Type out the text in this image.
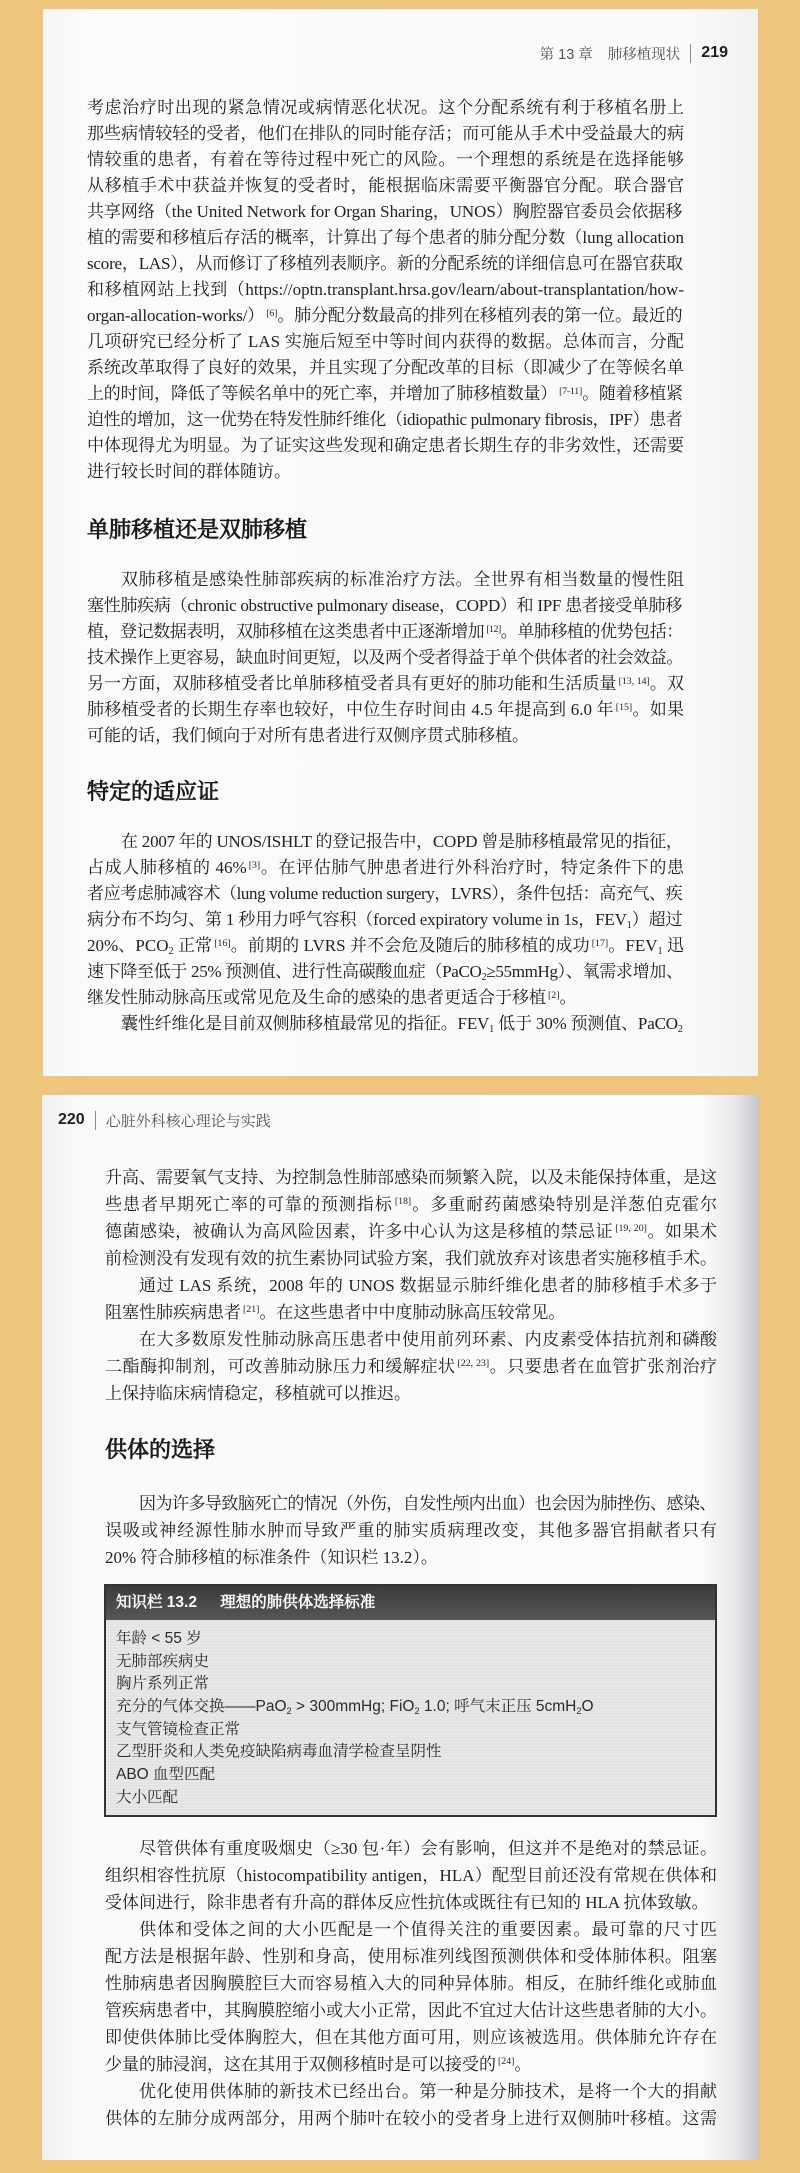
第 13 章 肺移植现状 219
考虑治疗时出现的紧急情况或病情恶化状况。这个分配系统有利于移植名册上
那些病情较轻的受者，他们在排队的同时能存活；而可能从手术中受益最大的病
情较重的患者，有着在等待过程中死亡的风险。一个理想的系统是在选择能够
从移植手术中获益并恢复的受者时，能根据临床需要平衡器官分配。联合器官
共享网络（the United Network for Organ Sharing，UNOS）胸腔器官委员会依据移
植的需要和移植后存活的概率，计算出了每个患者的肺分配分数（lung allocation
score，LAS），从而修订了移植列表顺序。新的分配系统的详细信息可在器官获取
和移植网站上找到（https://optn.transplant.hrsa.gov/learn/about-transplantation/how-
organ-allocation-works/） [6]。肺分配分数最高的排列在移植列表的第一位。最近的
几项研究已经分析了 LAS 实施后短至中等时间内获得的数据。总体而言，分配
系统改革取得了良好的效果，并且实现了分配改革的目标（即减少了在等候名单
上的时间，降低了等候名单中的死亡率，并增加了肺移植数量） [7-11]。随着移植紧
迫性的增加，这一优势在特发性肺纤维化（idiopathic pulmonary fibrosis，IPF）患者
中体现得尤为明显。为了证实这些发现和确定患者长期生存的非劣效性，还需要
进行较长时间的群体随访。
单肺移植还是双肺移植
双肺移植是感染性肺部疾病的标准治疗方法。全世界有相当数量的慢性阻
塞性肺疾病（chronic obstructive pulmonary disease，COPD）和 IPF 患者接受单肺移
植，登记数据表明，双肺移植在这类患者中正逐渐增加 [12]。单肺移植的优势包括：
技术操作上更容易，缺血时间更短，以及两个受者得益于单个供体者的社会效益。
另一方面，双肺移植受者比单肺移植受者具有更好的肺功能和生活质量 [13, 14]。双
肺移植受者的长期生存率也较好，中位生存时间由 4.5 年提高到 6.0 年 [15]。如果
可能的话，我们倾向于对所有患者进行双侧序贯式肺移植。
特定的适应证
在 2007 年的 UNOS/ISHLT 的登记报告中，COPD 曾是肺移植最常见的指征，
占成人肺移植的 46% [3]。在评估肺气肿患者进行外科治疗时，特定条件下的患
者应考虑肺减容术（lung volume reduction surgery，LVRS），条件包括：高充气、疾
病分布不均匀、第 1 秒用力呼气容积（forced expiratory volume in 1s，FEV1）超过
20%、PCO2 正常 [16]。前期的 LVRS 并不会危及随后的肺移植的成功 [17]。FEV1 迅
速下降至低于 25% 预测值、进行性高碳酸血症（PaCO2≥55mmHg）、氧需求增加、
继发性肺动脉高压或常见危及生命的感染的患者更适合于移植 [2]。
囊性纤维化是目前双侧肺移植最常见的指征。FEV1 低于 30% 预测值、PaCO2
220 心脏外科核心理论与实践
升高、需要氧气支持、为控制急性肺部感染而频繁入院，以及未能保持体重，是这
些患者早期死亡率的可靠的预测指标 [18]。多重耐药菌感染特别是洋葱伯克霍尔
德菌感染，被确认为高风险因素，许多中心认为这是移植的禁忌证 [19, 20]。如果术
前检测没有发现有效的抗生素协同试验方案，我们就放弃对该患者实施移植手术。
通过 LAS 系统，2008 年的 UNOS 数据显示肺纤维化患者的肺移植手术多于
阻塞性肺疾病患者 [21]。在这些患者中中度肺动脉高压较常见。
在大多数原发性肺动脉高压患者中使用前列环素、内皮素受体拮抗剂和磷酸
二酯酶抑制剂，可改善肺动脉压力和缓解症状 [22, 23]。只要患者在血管扩张剂治疗
上保持临床病情稳定，移植就可以推迟。
供体的选择
因为许多导致脑死亡的情况（外伤，自发性颅内出血）也会因为肺挫伤、感染、
误吸或神经源性肺水肿而导致严重的肺实质病理改变，其他多器官捐献者只有
20% 符合肺移植的标准条件（知识栏 13.2）。
知识栏 13.2 理想的肺供体选择标准
年龄 < 55 岁
无肺部疾病史
胸片系列正常
充分的气体交换——PaO2 > 300mmHg; FiO2 1.0; 呼气末正压 5cmH2O
支气管镜检查正常
乙型肝炎和人类免疫缺陷病毒血清学检查呈阴性
ABO 血型匹配
大小匹配
尽管供体有重度吸烟史（≥30 包·年）会有影响，但这并不是绝对的禁忌证。
组织相容性抗原（histocompatibility antigen，HLA）配型目前还没有常规在供体和
受体间进行，除非患者有升高的群体反应性抗体或既往有已知的 HLA 抗体致敏。
供体和受体之间的大小匹配是一个值得关注的重要因素。最可靠的尺寸匹
配方法是根据年龄、性别和身高，使用标准列线图预测供体和受体肺体积。阻塞
性肺病患者因胸膜腔巨大而容易植入大的同种异体肺。相反，在肺纤维化或肺血
管疾病患者中，其胸膜腔缩小或大小正常，因此不宜过大估计这些患者肺的大小。
即使供体肺比受体胸腔大，但在其他方面可用，则应该被选用。供体肺允许存在
少量的肺浸润，这在其用于双侧移植时是可以接受的 [24]。
优化使用供体肺的新技术已经出台。第一种是分肺技术，是将一个大的捐献
供体的左肺分成两部分，用两个肺叶在较小的受者身上进行双侧肺叶移植。这需
